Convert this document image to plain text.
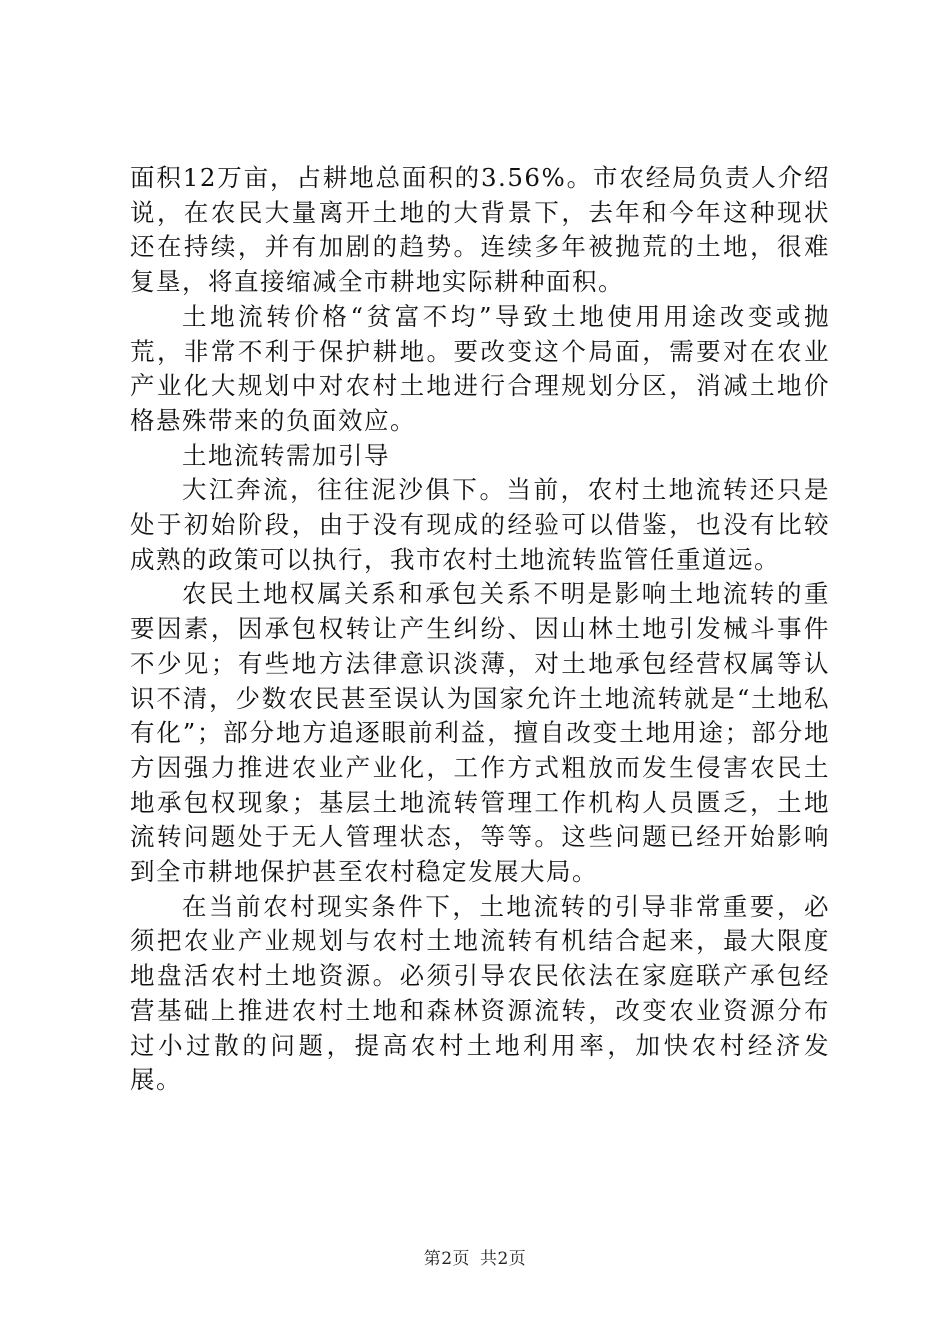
面积12万亩，占耕地总面积的3.56%。市农经局负责人介绍说，在农民大量离开土地的大背景下，去年和今年这种现状还在持续，并有加剧的趋势。连续多年被抛荒的土地，很难复垦，将直接缩减全市耕地实际耕种面积。

土地流转价格“贫富不均”导致土地使用用途改变或抛荒，非常不利于保护耕地。要改变这个局面，需要对在农业产业化大规划中对农村土地进行合理规划分区，消减土地价格悬殊带来的负面效应。

土地流转需加引导

大江奔流，往往泥沙俱下。当前，农村土地流转还只是处于初始阶段，由于没有现成的经验可以借鉴，也没有比较成熟的政策可以执行，我市农村土地流转监管任重道远。

农民土地权属关系和承包关系不明是影响土地流转的重要因素，因承包权转让产生纠纷、因山林土地引发械斗事件不少见；有些地方法律意识淡薄，对土地承包经营权属等认识不清，少数农民甚至误认为国家允许土地流转就是“土地私有化”；部分地方追逐眼前利益，擅自改变土地用途；部分地方因强力推进农业产业化，工作方式粗放而发生侵害农民土地承包权现象；基层土地流转管理工作机构人员匮乏，土地流转问题处于无人管理状态，等等。这些问题已经开始影响到全市耕地保护甚至农村稳定发展大局。

在当前农村现实条件下，土地流转的引导非常重要，必须把农业产业规划与农村土地流转有机结合起来，最大限度地盘活农村土地资源。必须引导农民依法在家庭联产承包经营基础上推进农村土地和森林资源流转，改变农业资源分布过小过散的问题，提高农村土地利用率，加快农村经济发展。

第2页 共2页
